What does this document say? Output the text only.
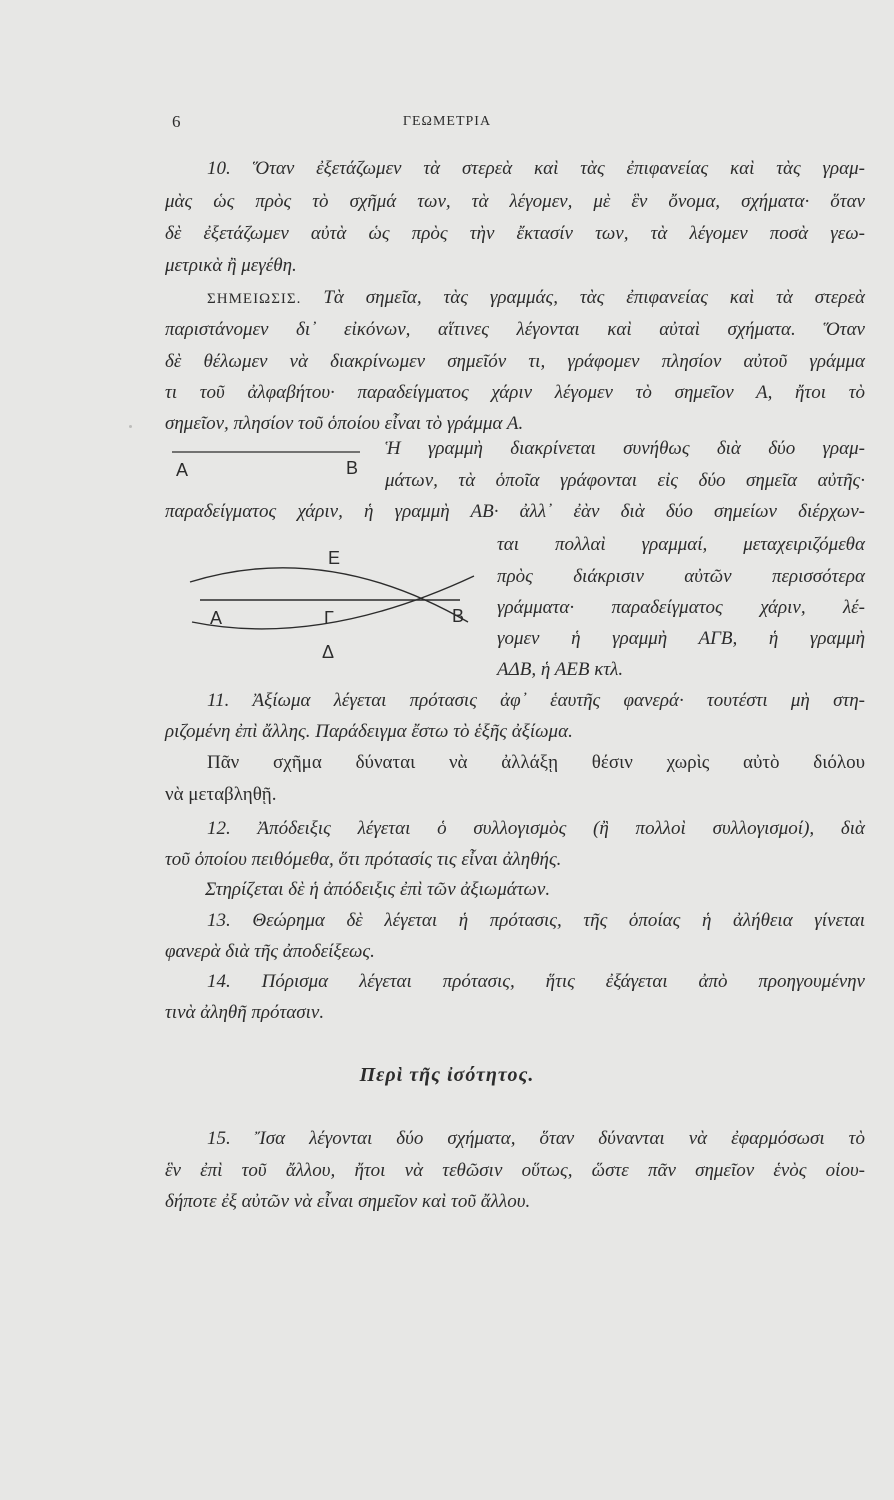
6	ΓΕΩΜΕΤΡΙΑ
10. Ὅταν ἐξετάζωμεν τὰ στερεὰ καὶ τὰς ἐπιφανείας καὶ τὰς γραμ-
μὰς ὡς πρὸς τὸ σχῆμά των, τὰ λέγομεν, μὲ ἓν ὄνομα, σχήματα· ὅταν
δὲ ἐξετάζωμεν αὐτὰ ὡς πρὸς τὴν ἔκτασίν των, τὰ λέγομεν ποσὰ γεω-
μετρικὰ ἢ μεγέθη.
ΣΗΜΕΙΩΣΙΣ. Τὰ σημεῖα, τὰς γραμμάς, τὰς ἐπιφανείας καὶ τὰ στερεὰ
παριστάνομεν δι᾽ εἰκόνων, αἵτινες λέγονται καὶ αὐταὶ σχήματα. Ὅταν
δὲ θέλωμεν νὰ διακρίνωμεν σημεῖόν τι, γράφομεν πλησίον αὐτοῦ γράμμα
τι τοῦ ἀλφαβήτου· παραδείγματος χάριν λέγομεν τὸ σημεῖον Α, ἤτοι τὸ
σημεῖον, πλησίον τοῦ ὁποίου εἶναι τὸ γράμμα Α.
A	B
Ἡ γραμμὴ διακρίνεται συνήθως διὰ δύο γραμ-
μάτων, τὰ ὁποῖα γράφονται εἰς δύο σημεῖα αὐτῆς·
παραδείγματος χάριν, ἡ γραμμὴ ΑΒ· ἀλλ᾽ ἐὰν διὰ δύο σημείων διέρχων-
E
Γ
Δ
A	B
ται πολλαὶ γραμμαί, μεταχειριζόμεθα
πρὸς διάκρισιν αὐτῶν περισσότερα
γράμματα· παραδείγματος χάριν, λέ-
γομεν ἡ γραμμὴ ΑΓΒ, ἡ γραμμὴ
ΑΔΒ, ἡ ΑΕΒ κτλ.
11. Ἀξίωμα λέγεται πρότασις ἀφ᾽ ἑαυτῆς φανερά· τουτέστι μὴ στη-
ριζομένη ἐπὶ ἄλλης. Παράδειγμα ἔστω τὸ ἑξῆς ἀξίωμα.
Πᾶν σχῆμα δύναται νὰ ἀλλάξῃ θέσιν χωρὶς αὐτὸ διόλου
νὰ μεταβληθῇ.
12. Ἀπόδειξις λέγεται ὁ συλλογισμὸς (ἢ πολλοὶ συλλογισμοί), διὰ
τοῦ ὁποίου πειθόμεθα, ὅτι πρότασίς τις εἶναι ἀληθής.
Στηρίζεται δὲ ἡ ἀπόδειξις ἐπὶ τῶν ἀξιωμάτων.
13. Θεώρημα δὲ λέγεται ἡ πρότασις, τῆς ὁποίας ἡ ἀλήθεια γίνεται
φανερὰ διὰ τῆς ἀποδείξεως.
14. Πόρισμα λέγεται πρότασις, ἥτις ἐξάγεται ἀπὸ προηγουμένην
τινὰ ἀληθῆ πρότασιν.
Περὶ τῆς ἰσότητος.
15. Ἴσα λέγονται δύο σχήματα, ὅταν δύνανται νὰ ἐφαρμόσωσι τὸ
ἓν ἐπὶ τοῦ ἄλλου, ἤτοι νὰ τεθῶσιν οὕτως, ὥστε πᾶν σημεῖον ἑνὸς οἱου-
δήποτε ἐξ αὐτῶν νὰ εἶναι σημεῖον καὶ τοῦ ἄλλου.
